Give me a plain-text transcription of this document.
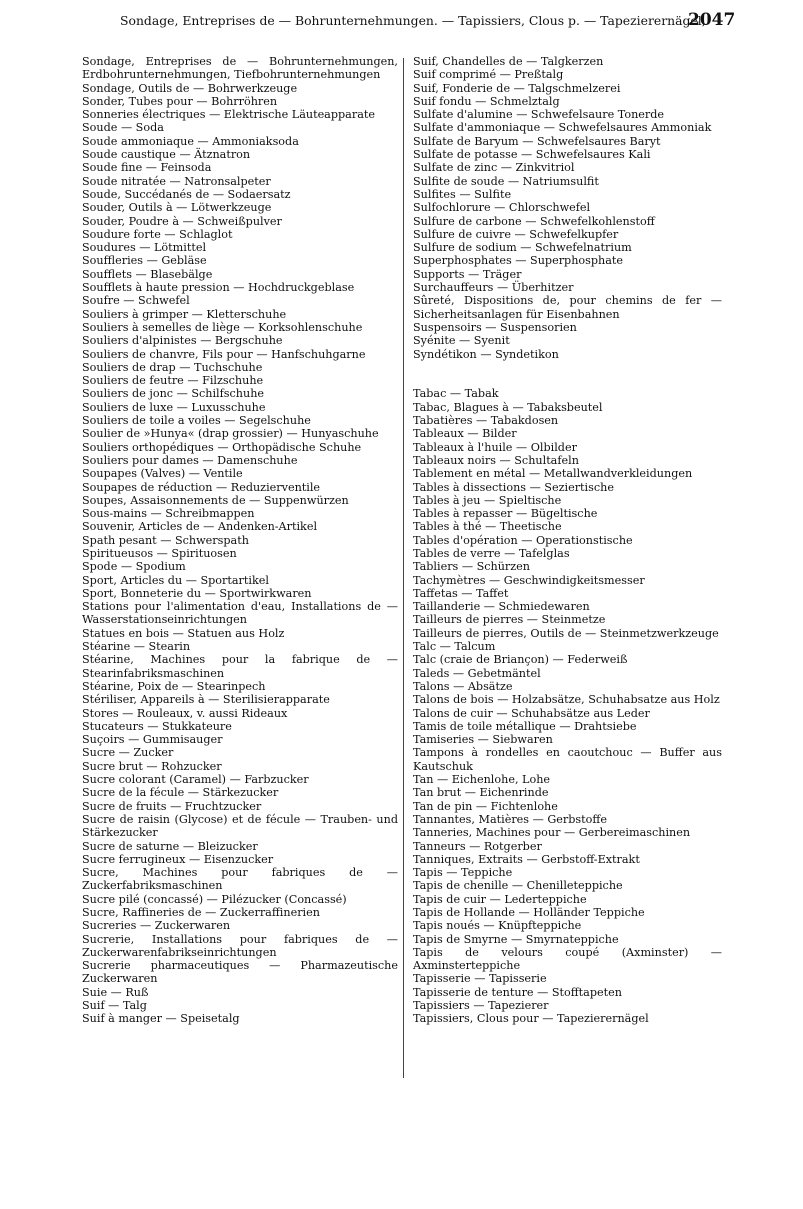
Sondage, Entreprises de — Bohrunternehmungen. — Tapissiers, Clous p. — Tapezierernägel,
2047
Sondage, Entreprises de — Bohrunternehmungen, Erdbohrunternehmungen, Tiefbohrunternehmungen
Sondage, Outils de — Bohrwerkzeuge
Sonder, Tubes pour — Bohrröhren
Sonneries électriques — Elektrische Läuteapparate
Soude — Soda
Soude ammoniaque — Ammoniaksoda
Soude caustique — Ätznatron
Soude fine — Feinsoda
Soude nitratée — Natronsalpeter
Soude, Succédanés de — Sodaersatz
Souder, Outils à — Lötwerkzeuge
Souder, Poudre à — Schweißpulver
Soudure forte — Schlaglot
Soudures — Lötmittel
Souffleries — Gebläse
Soufflets — Blasebälge
Soufflets à haute pression — Hochdruckgeblase
Soufre — Schwefel
Souliers à grimper — Kletterschuhe
Souliers à semelles de liège — Korksohlenschuhe
Souliers d'alpinistes — Bergschuhe
Souliers de chanvre, Fils pour — Hanfschuhgarne
Souliers de drap — Tuchschuhe
Souliers de feutre — Filzschuhe
Souliers de jonc — Schilfschuhe
Souliers de luxe — Luxusschuhe
Souliers de toile a voiles — Segelschuhe
Soulier de »Hunya« (drap grossier) — Hunyaschuhe
Souliers orthopédiques — Orthopädische Schuhe
Souliers pour dames — Damenschuhe
Soupapes (Valves) — Ventile
Soupapes de réduction — Reduzierventile
Soupes, Assaisonnements de — Suppenwürzen
Sous-mains — Schreibmappen
Souvenir, Articles de — Andenken-Artikel
Spath pesant — Schwerspath
Spiritueusos — Spirituosen
Spode — Spodium
Sport, Articles du — Sportartikel
Sport, Bonneterie du — Sportwirkwaren
Stations pour l'alimentation d'eau, Installations de — Wasserstationseinrichtungen
Statues en bois — Statuen aus Holz
Stéarine — Stearin
Stéarine, Machines pour la fabrique de — Stearinfabriksmaschinen
Stéarine, Poix de — Stearinpech
Stériliser, Appareils à — Sterilisierapparate
Stores — Rouleaux, v. aussi Rideaux
Stucateurs — Stukkateure
Suçoirs — Gummisauger
Sucre — Zucker
Sucre brut — Rohzucker
Sucre colorant (Caramel) — Farbzucker
Sucre de la fécule — Stärkezucker
Sucre de fruits — Fruchtzucker
Sucre de raisin (Glycose) et de fécule — Trauben- und Stärkezucker
Sucre de saturne — Bleizucker
Sucre ferrugineux — Eisenzucker
Sucre, Machines pour fabriques de — Zuckerfabriksmaschinen
Sucre pilé (concassé) — Pilézucker (Concassé)
Sucre, Raffineries de — Zuckerraffinerien
Sucreries — Zuckerwaren
Sucrerie, Installations pour fabriques de — Zuckerwarenfabrikseinrichtungen
Sucrerie pharmaceutiques — Pharmazeutische Zuckerwaren
Suie — Ruß
Suif — Talg
Suif à manger — Speisetalg
Suif, Chandelles de — Talgkerzen
Suif comprimé — Preßtalg
Suif, Fonderie de — Talgschmelzerei
Suif fondu — Schmelztalg
Sulfate d'alumine — Schwefelsaure Tonerde
Sulfate d'ammoniaque — Schwefelsaures Ammoniak
Sulfate de Baryum — Schwefelsaures Baryt
Sulfate de potasse — Schwefelsaures Kali
Sulfate de zinc — Zinkvitriol
Sulfite de soude — Natriumsulfit
Sulfites — Sulfite
Sulfochlorure — Chlorschwefel
Sulfure de carbone — Schwefelkohlenstoff
Sulfure de cuivre — Schwefelkupfer
Sulfure de sodium — Schwefelnatrium
Superphosphates — Superphosphate
Supports — Träger
Surchauffeurs — Überhitzer
Sûreté, Dispositions de, pour chemins de fer — Sicherheitsanlagen für Eisenbahnen
Suspensoirs — Suspensorien
Syénite — Syenit
Syndétikon — Syndetikon
Tabac — Tabak
Tabac, Blagues à — Tabaksbeutel
Tabatières — Tabakdosen
Tableaux — Bilder
Tableaux à l'huile — Olbilder
Tableaux noirs — Schultafeln
Tablement en métal — Metallwandverkleidungen
Tables à dissections — Seziertische
Tables à jeu — Spieltische
Tables à repasser — Bügeltische
Tables à thé — Theetische
Tables d'opération — Operationstische
Tables de verre — Tafelglas
Tabliers — Schürzen
Tachymètres — Geschwindigkeitsmesser
Taffetas — Taffet
Taillanderie — Schmiedewaren
Tailleurs de pierres — Steinmetze
Tailleurs de pierres, Outils de — Steinmetzwerkzeuge
Talc — Talcum
Talc (craie de Briançon) — Federweiß
Taleds — Gebetmäntel
Talons — Absätze
Talons de bois — Holzabsätze, Schuhabsatze aus Holz
Talons de cuir — Schuhabsätze aus Leder
Tamis de toile métallique — Drahtsiebe
Tamiseries — Siebwaren
Tampons à rondelles en caoutchouc — Buffer aus Kautschuk
Tan — Eichenlohe, Lohe
Tan brut — Eichenrinde
Tan de pin — Fichtenlohe
Tannantes, Matières — Gerbstoffe
Tanneries, Machines pour — Gerbereimaschinen
Tanneurs — Rotgerber
Tanniques, Extraits — Gerbstoff-Extrakt
Tapis — Teppiche
Tapis de chenille — Chenilleteppiche
Tapis de cuir — Lederteppiche
Tapis de Hollande — Holländer Teppiche
Tapis noués — Knüpfteppiche
Tapis de Smyrne — Smyrnateppiche
Tapis de velours coupé (Axminster) — Axminsterteppiche
Tapisserie — Tapisserie
Tapisserie de tenture — Stofftapeten
Tapissiers — Tapezierer
Tapissiers, Clous pour — Tapezierernägel
